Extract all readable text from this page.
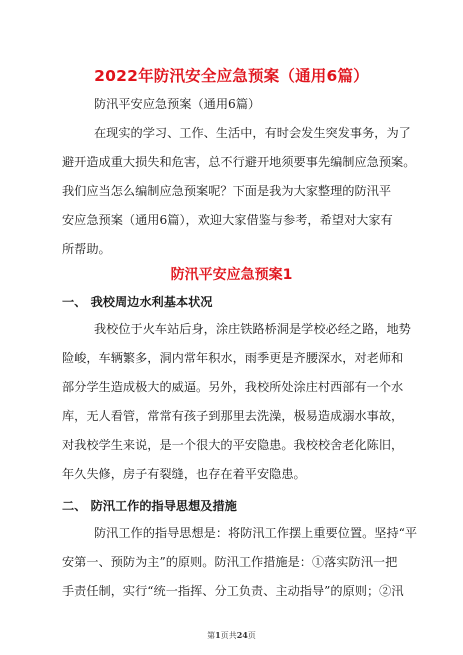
2022年防汛安全应急预案（通用6篇）
防汛平安应急预案（通用6篇）
在现实的学习、工作、生活中，有时会发生突发事务，为了
避开造成重大损失和危害，总不行避开地须要事先编制应急预案。
我们应当怎么编制应急预案呢？下面是我为大家整理的防汛平
安应急预案（通用6篇），欢迎大家借鉴与参考，希望对大家有
所帮助。
防汛平安应急预案1
一、 我校周边水利基本状况
我校位于火车站后身，涂庄铁路桥洞是学校必经之路，地势
险峻，车辆繁多，洞内常年积水，雨季更是齐腰深水，对老师和
部分学生造成极大的威逼。另外，我校所处涂庄村西部有一个水
库，无人看管，常常有孩子到那里去洗澡，极易造成溺水事故，
对我校学生来说，是一个很大的平安隐患。我校校舍老化陈旧，
年久失修，房子有裂缝，也存在着平安隐患。
二、 防汛工作的指导思想及措施
防汛工作的指导思想是：将防汛工作摆上重要位置。坚持“平
安第一、预防为主”的原则。防汛工作措施是：①落实防汛一把
手责任制，实行“统一指挥、分工负责、主动指导”的原则；②汛
第1页共24页
